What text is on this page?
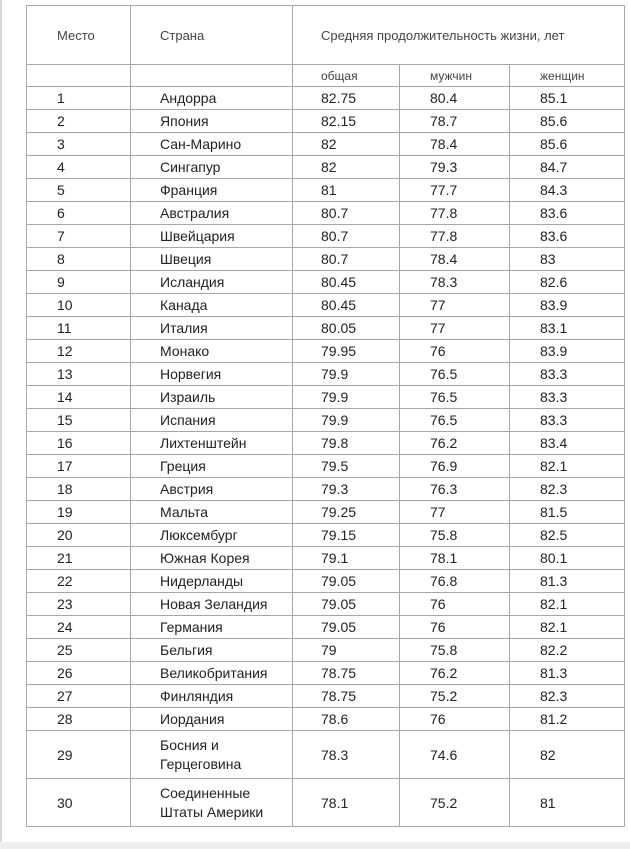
Место	Страна	Средняя продолжительность жизни, лет		
		общая	мужчин	женщин
1	Андорра	82.75	80.4	85.1
2	Япония	82.15	78.7	85.6
3	Сан-Марино	82	78.4	85.6
4	Сингапур	82	79.3	84.7
5	Франция	81	77.7	84.3
6	Австралия	80.7	77.8	83.6
7	Швейцария	80.7	77.8	83.6
8	Швеция	80.7	78.4	83
9	Исландия	80.45	78.3	82.6
10	Канада	80.45	77	83.9
11	Италия	80.05	77	83.1
12	Монако	79.95	76	83.9
13	Норвегия	79.9	76.5	83.3
14	Израиль	79.9	76.5	83.3
15	Испания	79.9	76.5	83.3
16	Лихтенштейн	79.8	76.2	83.4
17	Греция	79.5	76.9	82.1
18	Австрия	79.3	76.3	82.3
19	Мальта	79.25	77	81.5
20	Люксембург	79.15	75.8	82.5
21	Южная Корея	79.1	78.1	80.1
22	Нидерланды	79.05	76.8	81.3
23	Новая Зеландия	79.05	76	82.1
24	Германия	79.05	76	82.1
25	Бельгия	79	75.8	82.2
26	Великобритания	78.75	76.2	81.3
27	Финляндия	78.75	75.2	82.3
28	Иордания	78.6	76	81.2
29	Босния и Герцеговина	78.3	74.6	82
30	Соединенные Штаты Америки	78.1	75.2	81
